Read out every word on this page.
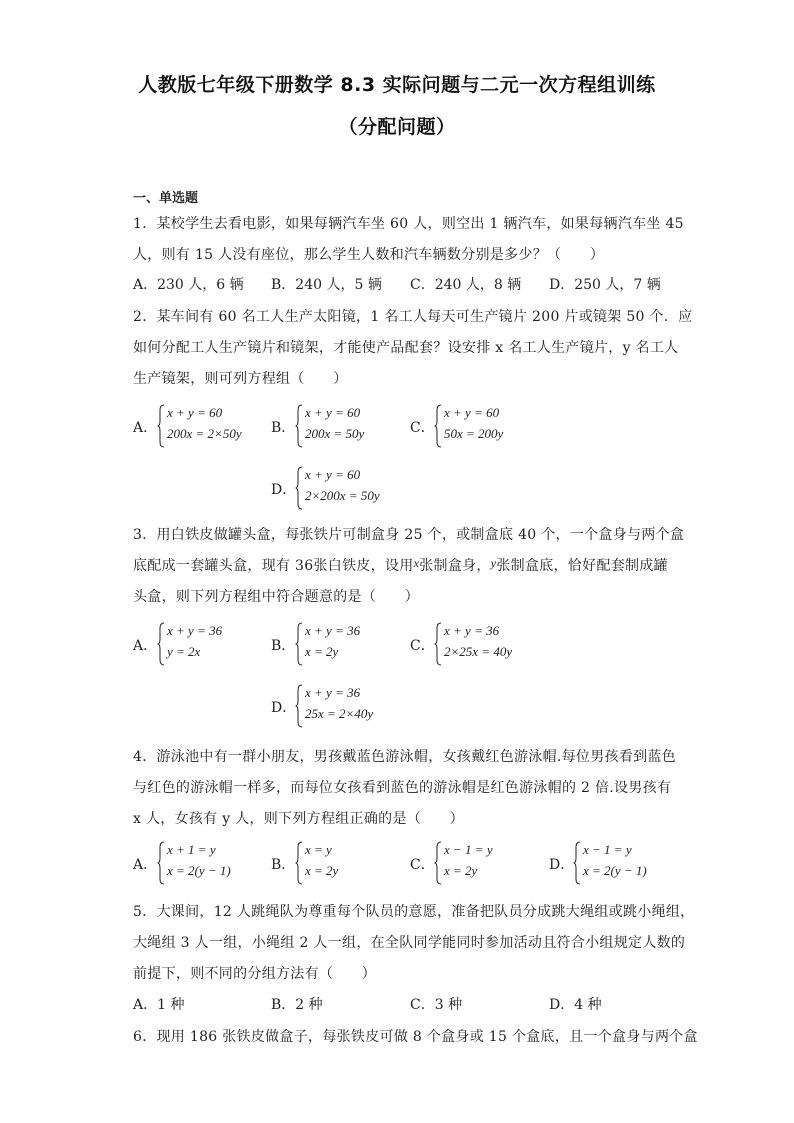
人教版七年级下册数学 8.3 实际问题与二元一次方程组训练
（分配问题）
一、单选题
1．某校学生去看电影，如果每辆汽车坐 60 人，则空出 1 辆汽车，如果每辆汽车坐 45
人，则有 15 人没有座位，那么学生人数和汽车辆数分别是多少？（　　）
A．230 人，6 辆 B．240 人，5 辆 C．240 人，8 辆 D．250 人，7 辆
2．某车间有 60 名工人生产太阳镜，1 名工人每天可生产镜片 200 片或镜架 50 个．应
如何分配工人生产镜片和镜架，才能使产品配套？设安排 x 名工人生产镜片，y 名工人
生产镜架，则可列方程组（　　）
A．
x + y = 60
200x = 2×50y B．
x + y = 60
200x = 50y	C．
x + y = 60
50x = 200y
D．
x + y = 60
2×200x = 50y
3．用白铁皮做罐头盒，每张铁片可制盒身 25 个，或制盒底 40 个，一个盒身与两个盒
底配成一套罐头盒，现有 36张白铁皮，设用x张制盒身，y张制盒底，恰好配套制成罐
头盒，则下列方程组中符合题意的是（　　）
A．
x + y = 36
y = 2x	B．
x + y = 36
x = 2y	C．
x + y = 36
2×25x = 40y
D．
x + y = 36
25x = 2×40y
4．游泳池中有一群小朋友，男孩戴蓝色游泳帽，女孩戴红色游泳帽.每位男孩看到蓝色
与红色的游泳帽一样多，而每位女孩看到蓝色的游泳帽是红色游泳帽的 2 倍.设男孩有
x 人，女孩有 y 人，则下列方程组正确的是（　　）
A．
x + 1 = y
x = 2(y − 1)	B．
x = y
x = 2y	C．
x − 1 = y
x = 2y	D．
x − 1 = y
x = 2(y − 1)
5．大课间，12 人跳绳队为尊重每个队员的意愿，准备把队员分成跳大绳组或跳小绳组，
大绳组 3 人一组，小绳组 2 人一组，在全队同学能同时参加活动且符合小组规定人数的
前提下，则不同的分组方法有（　　）
A．1 种	B．2 种	C．3 种	D．4 种
6．现用 186 张铁皮做盒子，每张铁皮可做 8 个盒身或 15 个盒底，且一个盒身与两个盒
